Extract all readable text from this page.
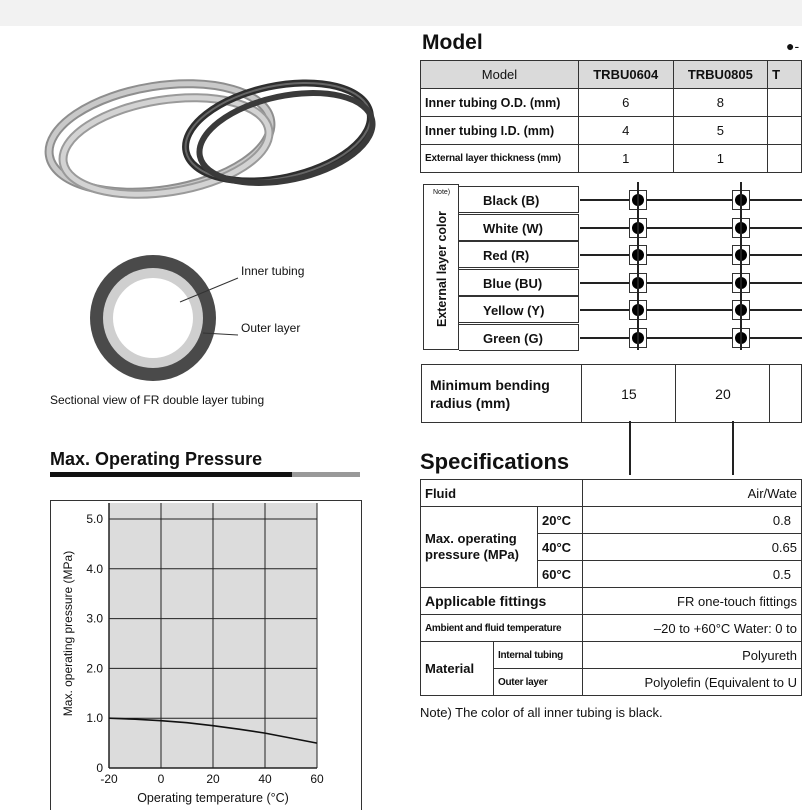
Inner tubing
Outer layer
Sectional view of FR double layer tubing
Max. Operating Pressure
0
1.0
2.0
3.0
4.0
5.0
-20	0	20	40	60
Operating temperature (°C)
Max. operating pressure (MPa)
Model	●-
Model	TRBU0604	TRBU0805	T
Inner tubing O.D. (mm)	6	8	
Inner tubing I.D. (mm)	4	5	
External layer thickness (mm)	1	1	
Note)
External layer color
Black (B)
White (W)
Red (R)
Blue (BU)
Yellow (Y)
Green (G)
Minimum bending
radius (mm)	15	20	
Specifications
Fluid			Air/Wate
Max. operating
pressure (MPa)		20°C	0.8
		40°C	0.65
		60°C	0.5
Applicable fittings			FR one-touch fittings
Ambient and fluid temperature			–20 to +60°C Water: 0 to
Material	Internal tubing		Polyureth
	Outer layer		Polyolefin (Equivalent to U
Note) The color of all inner tubing is black.
